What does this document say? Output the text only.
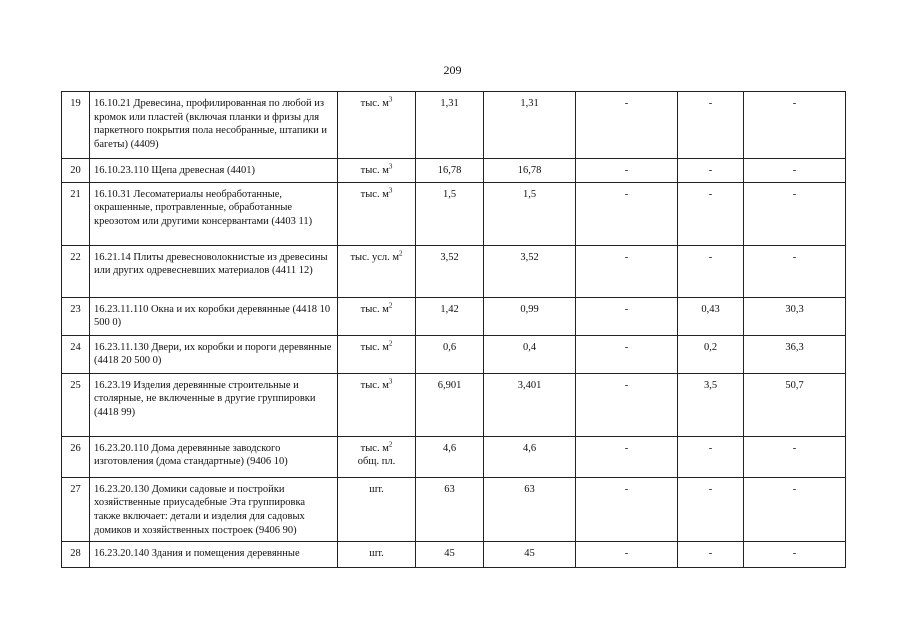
209
19	16.10.21 Древесина, профилированная по любой из кромок или пластей (включая планки и фризы для паркетного покрытия пола несобранные, штапики и багеты) (4409)	тыс. $м^3$	1,31	1,31	-	-	-
20	16.10.23.110 Щепа древесная (4401)	тыс. $м^3$	16,78	16,78	-	-	-
21	16.10.31 Лесоматериалы необработанные, окрашенные, протравленные, обработанные креозотом или другими консервантами (4403 11)	тыс. $м^3$	1,5	1,5	-	-	-
22	16.21.14 Плиты древесноволокнистые из древесины или других одревесневших материалов (4411 12)	тыс. усл. $м^2$	3,52	3,52	-	-	-
23	16.23.11.110 Окна и их коробки деревянные (4418 10 500 0)	тыс. $м^2$	1,42	0,99	-	0,43	30,3
24	16.23.11.130 Двери, их коробки и пороги деревянные (4418 20 500 0)	тыс. $м^2$	0,6	0,4	-	0,2	36,3
25	16.23.19 Изделия деревянные строительные и столярные, не включенные в другие группировки
(4418 99)	тыс. $м^3$	6,901	3,401	-	3,5	50,7
26	16.23.20.110 Дома деревянные заводского изготовления (дома стандартные) (9406 10)	тыс. $м^2$
общ. пл.	4,6	4,6	-	-	-
27	16.23.20.130 Домики садовые и постройки хозяйственные приусадебные Эта группировка также включает: детали и изделия для садовых домиков и хозяйственных построек (9406 90)	шт.	63	63	-	-	-
28	16.23.20.140 Здания и помещения деревянные	шт.	45	45	-	-	-
